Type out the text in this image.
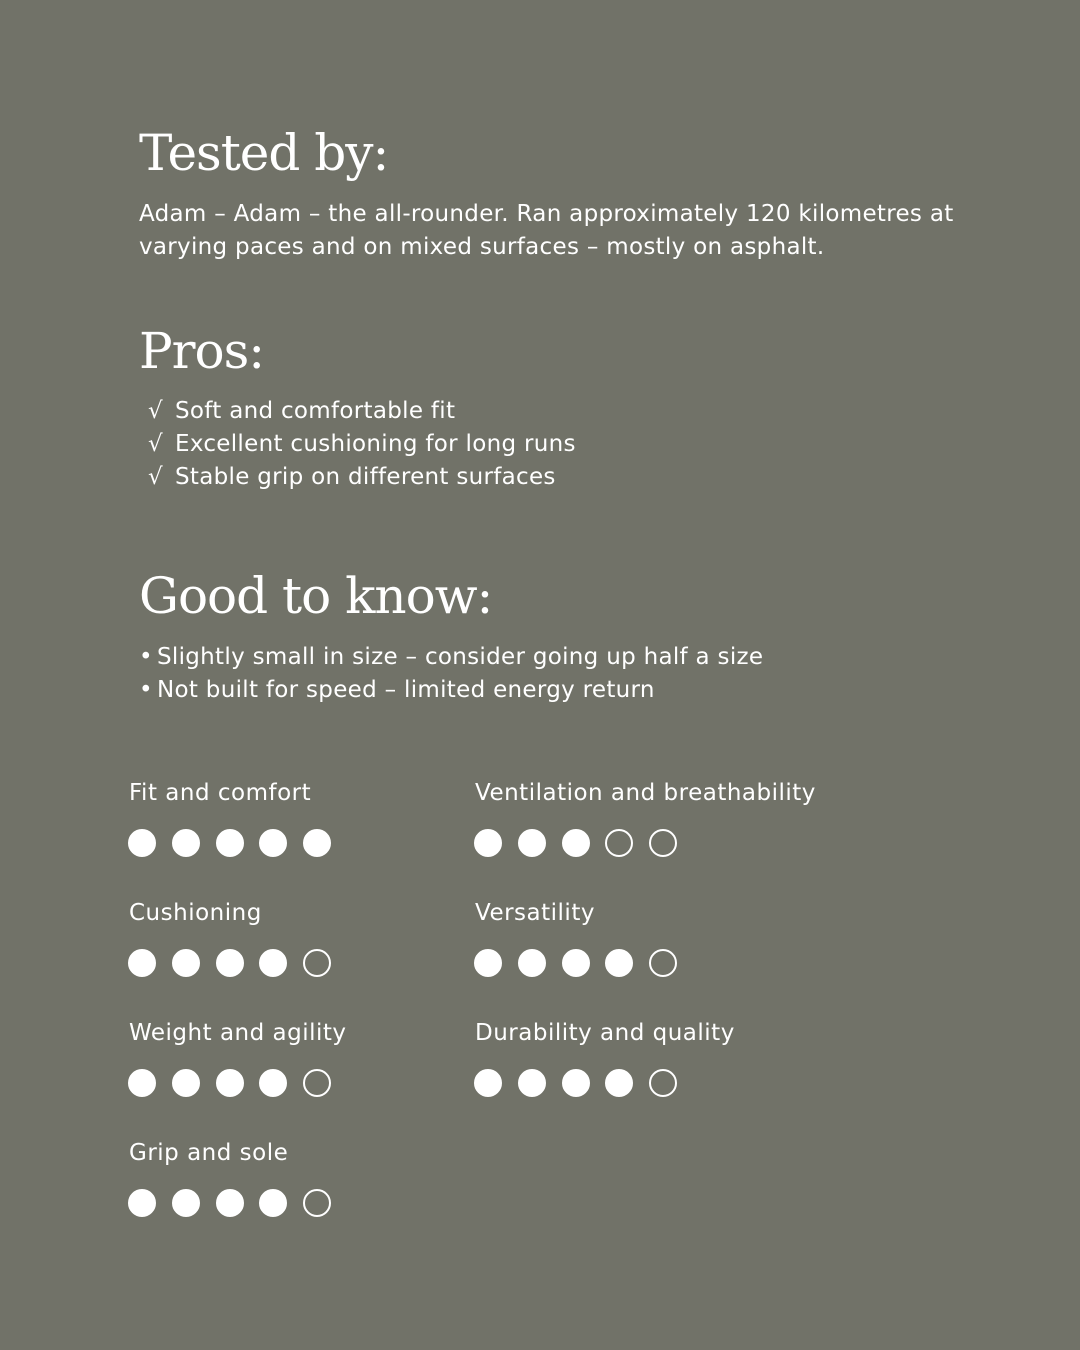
Tested by:

Adam – Adam – the all-rounder. Ran approximately 120 kilometres at varying paces and on mixed surfaces – mostly on asphalt.

Pros:
√ Soft and comfortable fit
√ Excellent cushioning for long runs
√ Stable grip on different surfaces
Good to know:
• Slightly small in size – consider going up half a size
• Not built for speed – limited energy return
Fit and comfort	Ventilation and breathability
Cushioning	Versatility
Weight and agility	Durability and quality
Grip and sole
